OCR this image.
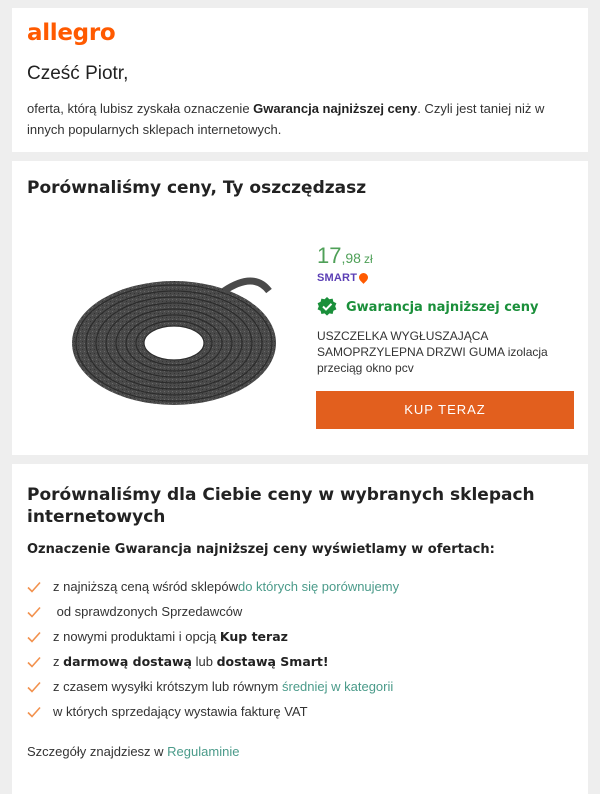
allegro
Cześć Piotr,
oferta, którą lubisz zyskała oznaczenie Gwarancja najniższej ceny. Czyli jest taniej niż w innych popularnych sklepach internetowych.
Porównaliśmy ceny, Ty oszczędzasz
17,98 zł
SMART
Gwarancja najniższej ceny
USZCZELKA WYGŁUSZAJĄCA SAMOPRZYLEPNA DRZWI GUMA izolacja przeciąg okno pcv
KUP TERAZ
Porównaliśmy dla Ciebie ceny w wybranych sklepach internetowych
Oznaczenie Gwarancja najniższej ceny wyświetlamy w ofertach:
z najniższą ceną wśród sklepów do których się porównujemy
od sprawdzonych Sprzedawców
z nowymi produktami i opcją Kup teraz
z darmową dostawą lub dostawą Smart!
z czasem wysyłki krótszym lub równym średniej w kategorii
w których sprzedający wystawia fakturę VAT
Szczegóły znajdziesz w Regulaminie
